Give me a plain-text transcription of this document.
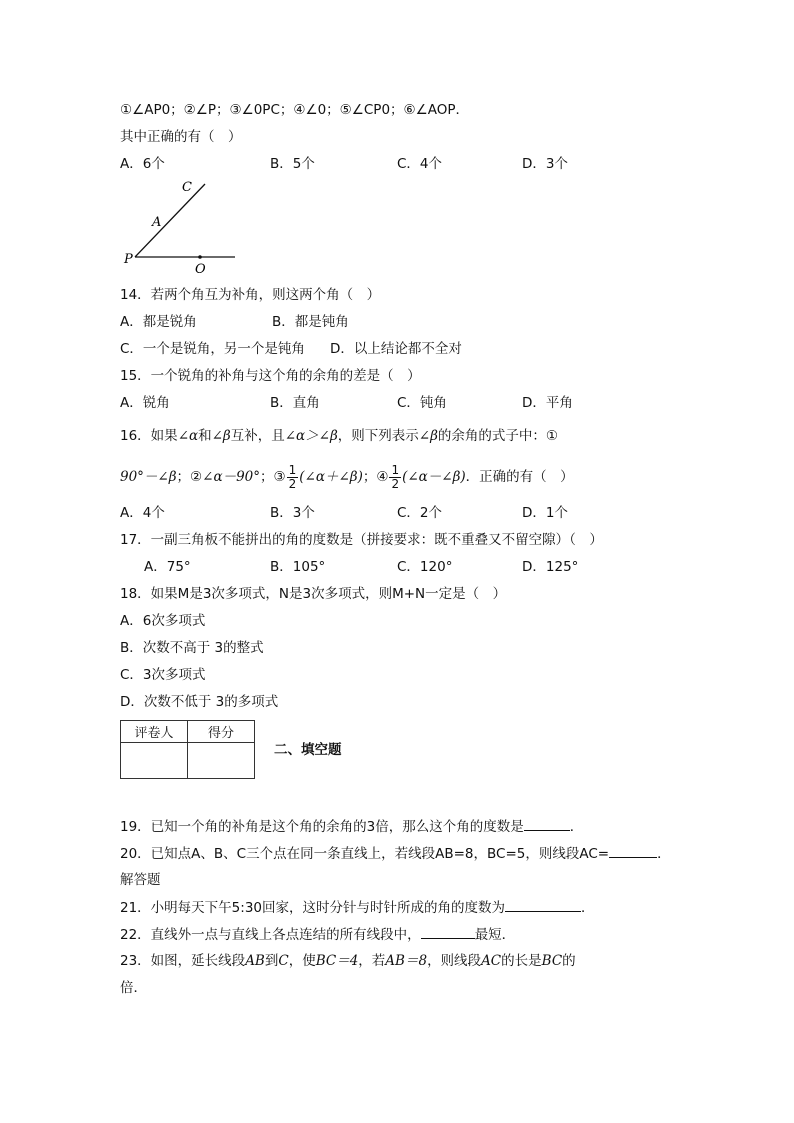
①∠AP0；②∠P；③∠0PC；④∠0；⑤∠CP0；⑥∠AOP．
其中正确的有（　）
A．6个	B．5个	C．4个	D．3个
C
A
P
O
14．若两个角互为补角，则这两个角（　）
A．都是锐角	B．都是钝角
C．一个是锐角，另一个是钝角 D．以上结论都不全对
15．一个锐角的补角与这个角的余角的差是（　）
A．锐角	B．直角	C．钝角	D．平角
16．如果∠α和∠β互补，且∠α＞∠β，则下列表示∠β的余角的式子中：①
90°－∠β；②∠α－90°；③ $\frac{1}{2}$ (∠α＋∠β)；④ $\frac{1}{2}$ (∠α－∠β)．正确的有（　）
A．4个	B．3个	C．2个	D．1个
17．一副三角板不能拼出的角的度数是（拼接要求：既不重叠又不留空隙）（　）
A．75°	B．105°	C．120°	D．125°
18．如果M是3次多项式，N是3次多项式，则M+N一定是（　）
A．6次多项式
B．次数不高于 3的整式
C．3次多项式
D．次数不低于 3的多项式
评卷人	得分

二、填空题
19．已知一个角的补角是这个角的余角的3倍，那么这个角的度数是	．
20．已知点A、B、C三个点在同一条直线上，若线段AB=8，BC=5，则线段AC=	．
解答题
21．小明每天下午5:30回家，这时分针与时针所成的角的度数为	．
22．直线外一点与直线上各点连结的所有线段中，	最短．
23．如图，延长线段AB到C，使BC＝4，若AB＝8，则线段AC的长是BC的
倍．
